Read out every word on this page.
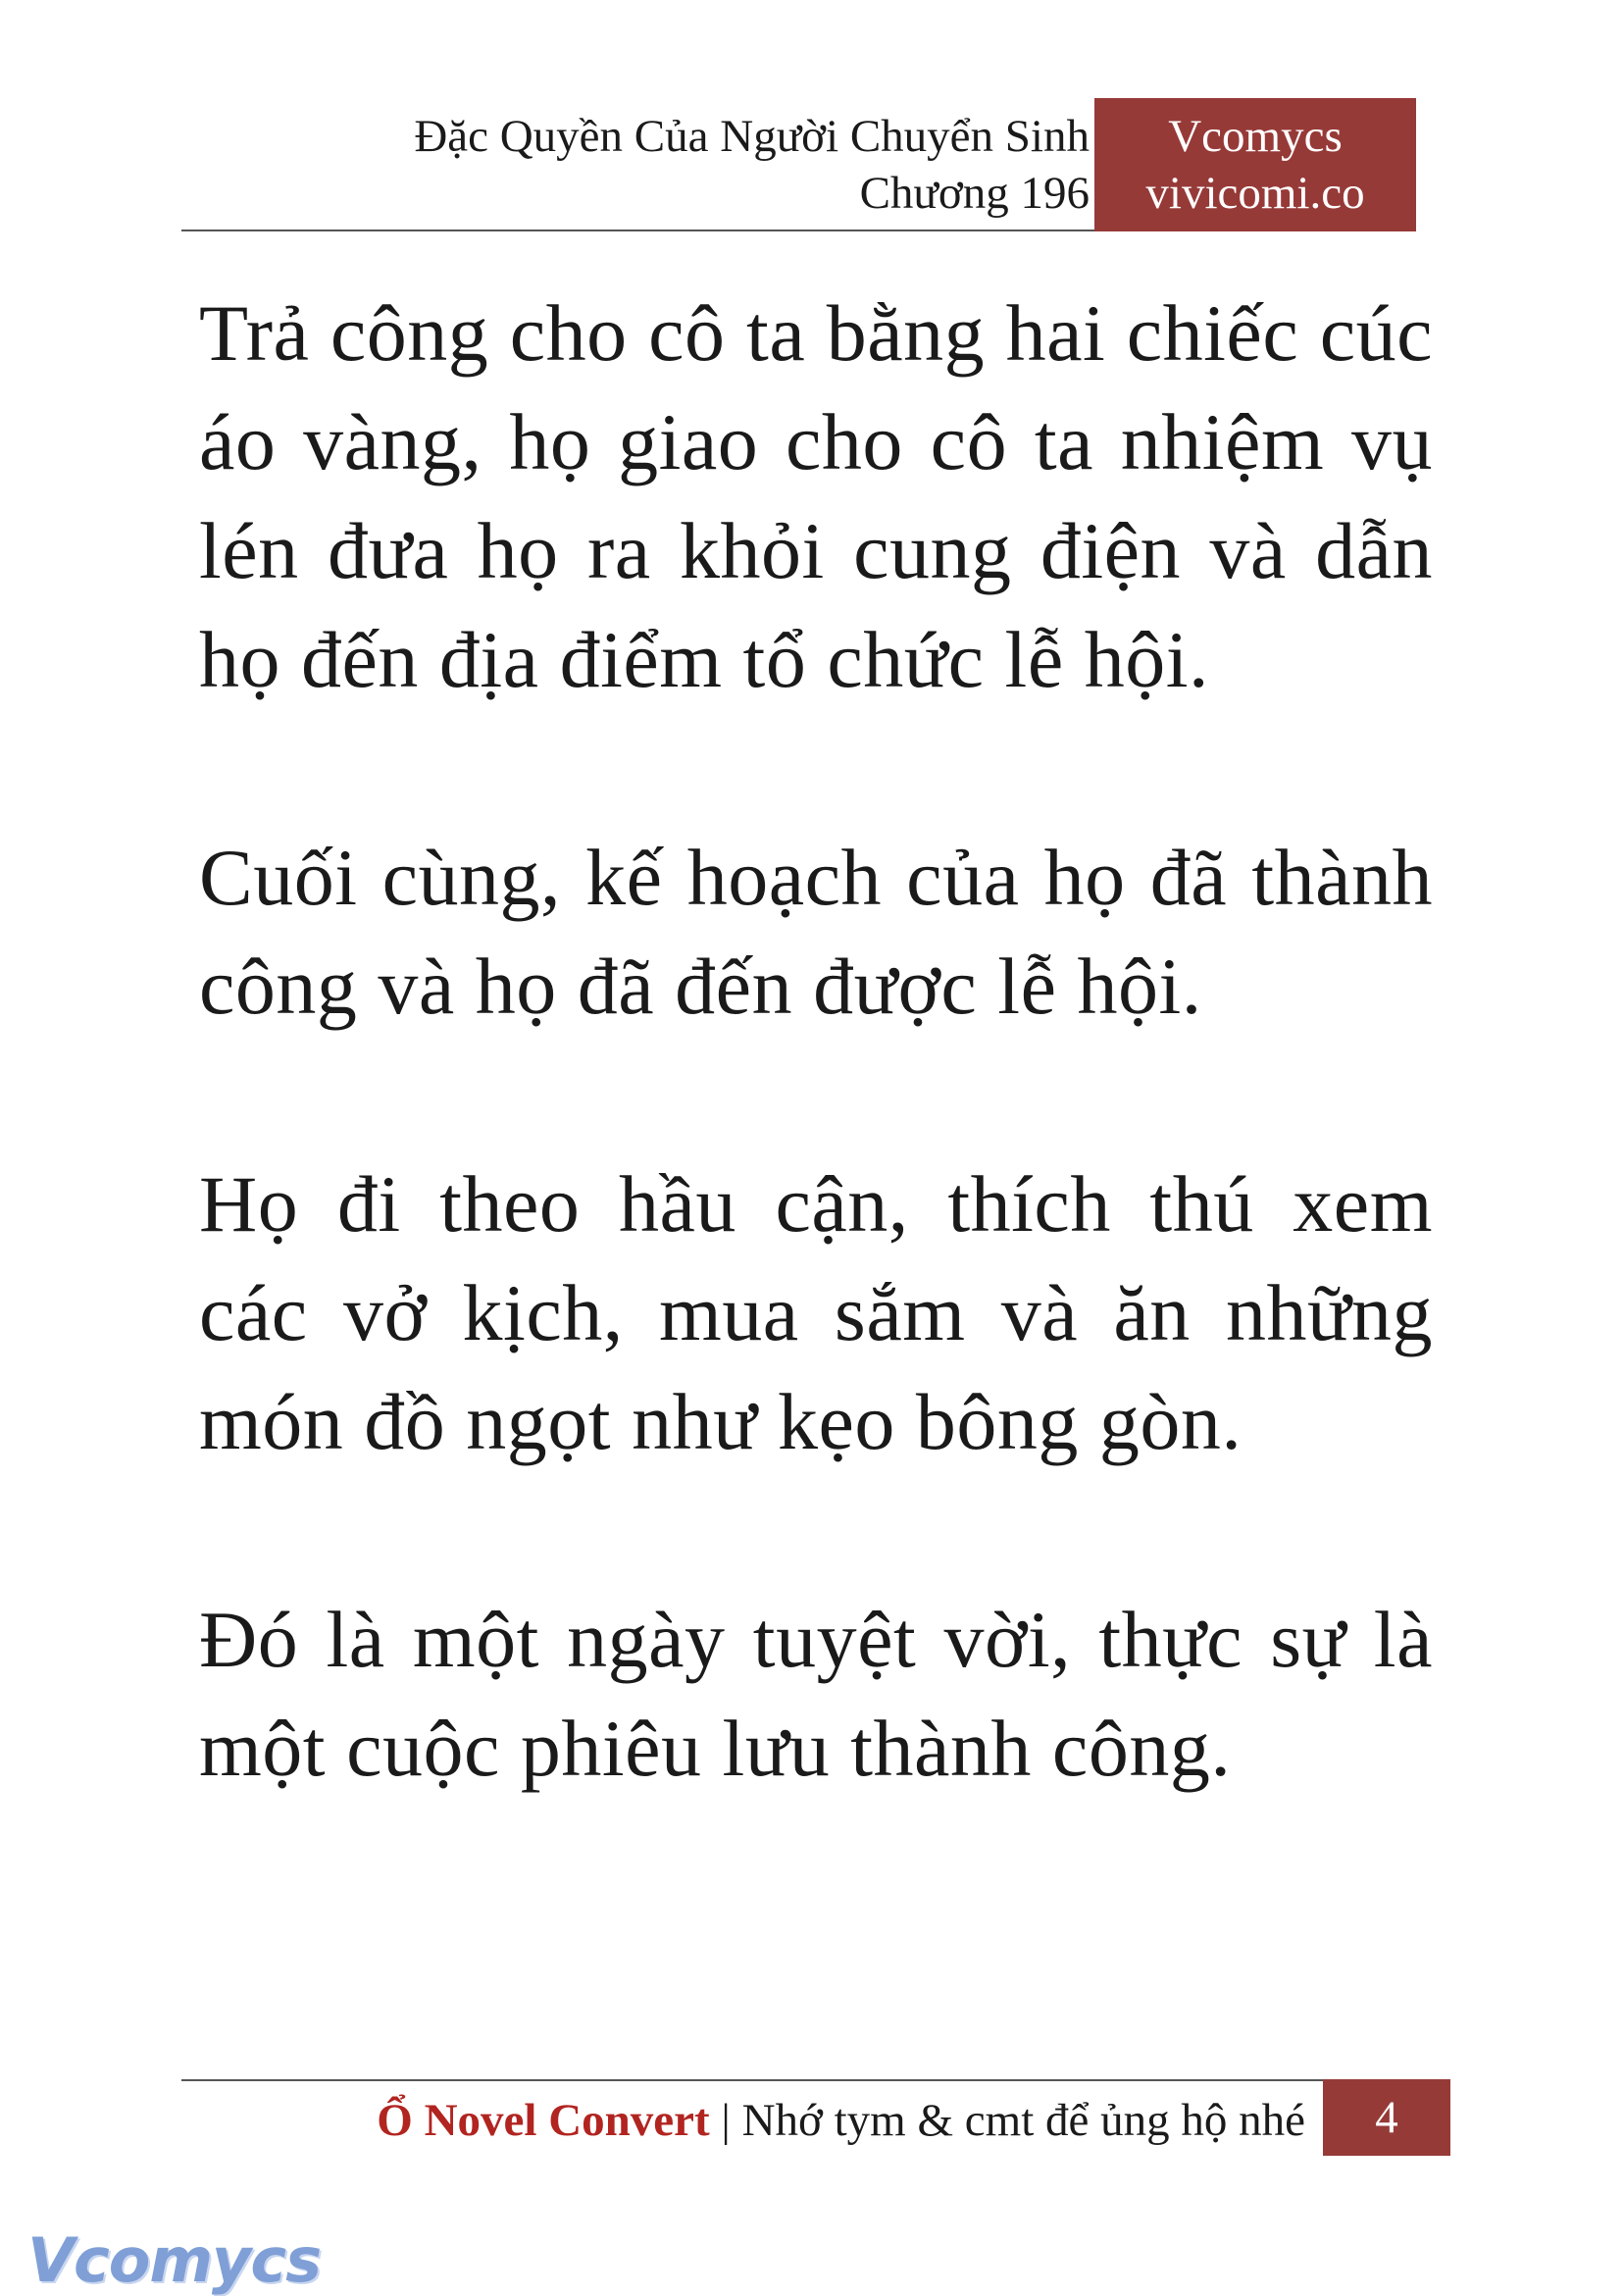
Đặc Quyền Của Người Chuyển Sinh
Chương 196
Vcomycs
vivicomi.co

Trả công cho cô ta bằng hai chiếc cúc áo vàng, họ giao cho cô ta nhiệm vụ lén đưa họ ra khỏi cung điện và dẫn họ đến địa điểm tổ chức lễ hội.

Cuối cùng, kế hoạch của họ đã thành công và họ đã đến được lễ hội.

Họ đi theo hầu cận, thích thú xem các vở kịch, mua sắm và ăn những món đồ ngọt như kẹo bông gòn.

Đó là một ngày tuyệt vời, thực sự là một cuộc phiêu lưu thành công.

Ổ Novel Convert | Nhớ tym & cmt để ủng hộ nhé	4
Vcomycs
